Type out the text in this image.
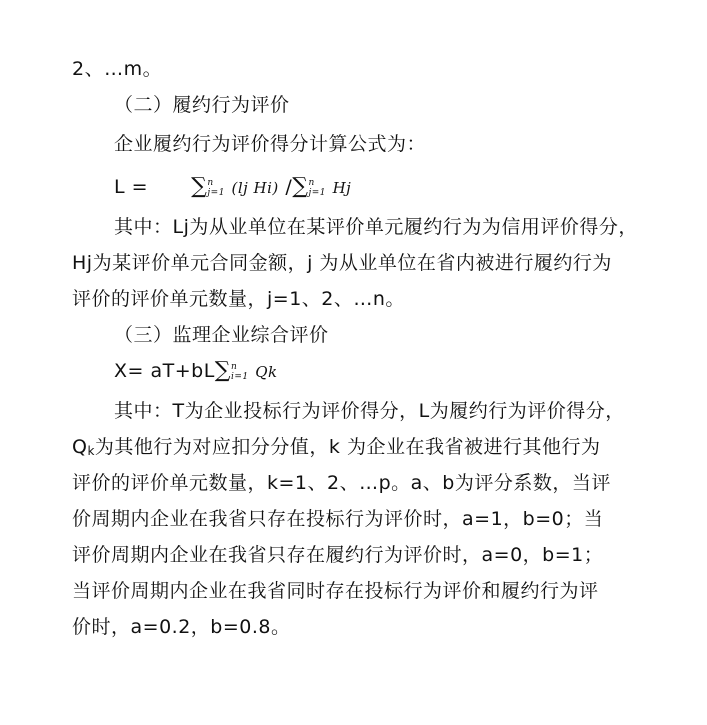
2、…m。
（二）履约行为评价
企业履约行为评价得分计算公式为：
L = ∑ n
j=1 (lj Hi) /∑ n
j=1 Hj
其中：Lj为从业单位在某评价单元履约行为为信用评价得分，
Hj为某评价单元合同金额，j 为从业单位在省内被进行履约行为
评价的评价单元数量，j=1、2、…n。
（三）监理企业综合评价
X= aT+bL∑ n
i=1 Qk
其中：T为企业投标行为评价得分，L为履约行为评价得分，
Qk为其他行为对应扣分分值，k 为企业在我省被进行其他行为
评价的评价单元数量，k=1、2、…p。a、b为评分系数，当评
价周期内企业在我省只存在投标行为评价时，a=1，b=0；当
评价周期内企业在我省只存在履约行为评价时，a=0，b=1；
当评价周期内企业在我省同时存在投标行为评价和履约行为评
价时，a=0.2，b=0.8。
